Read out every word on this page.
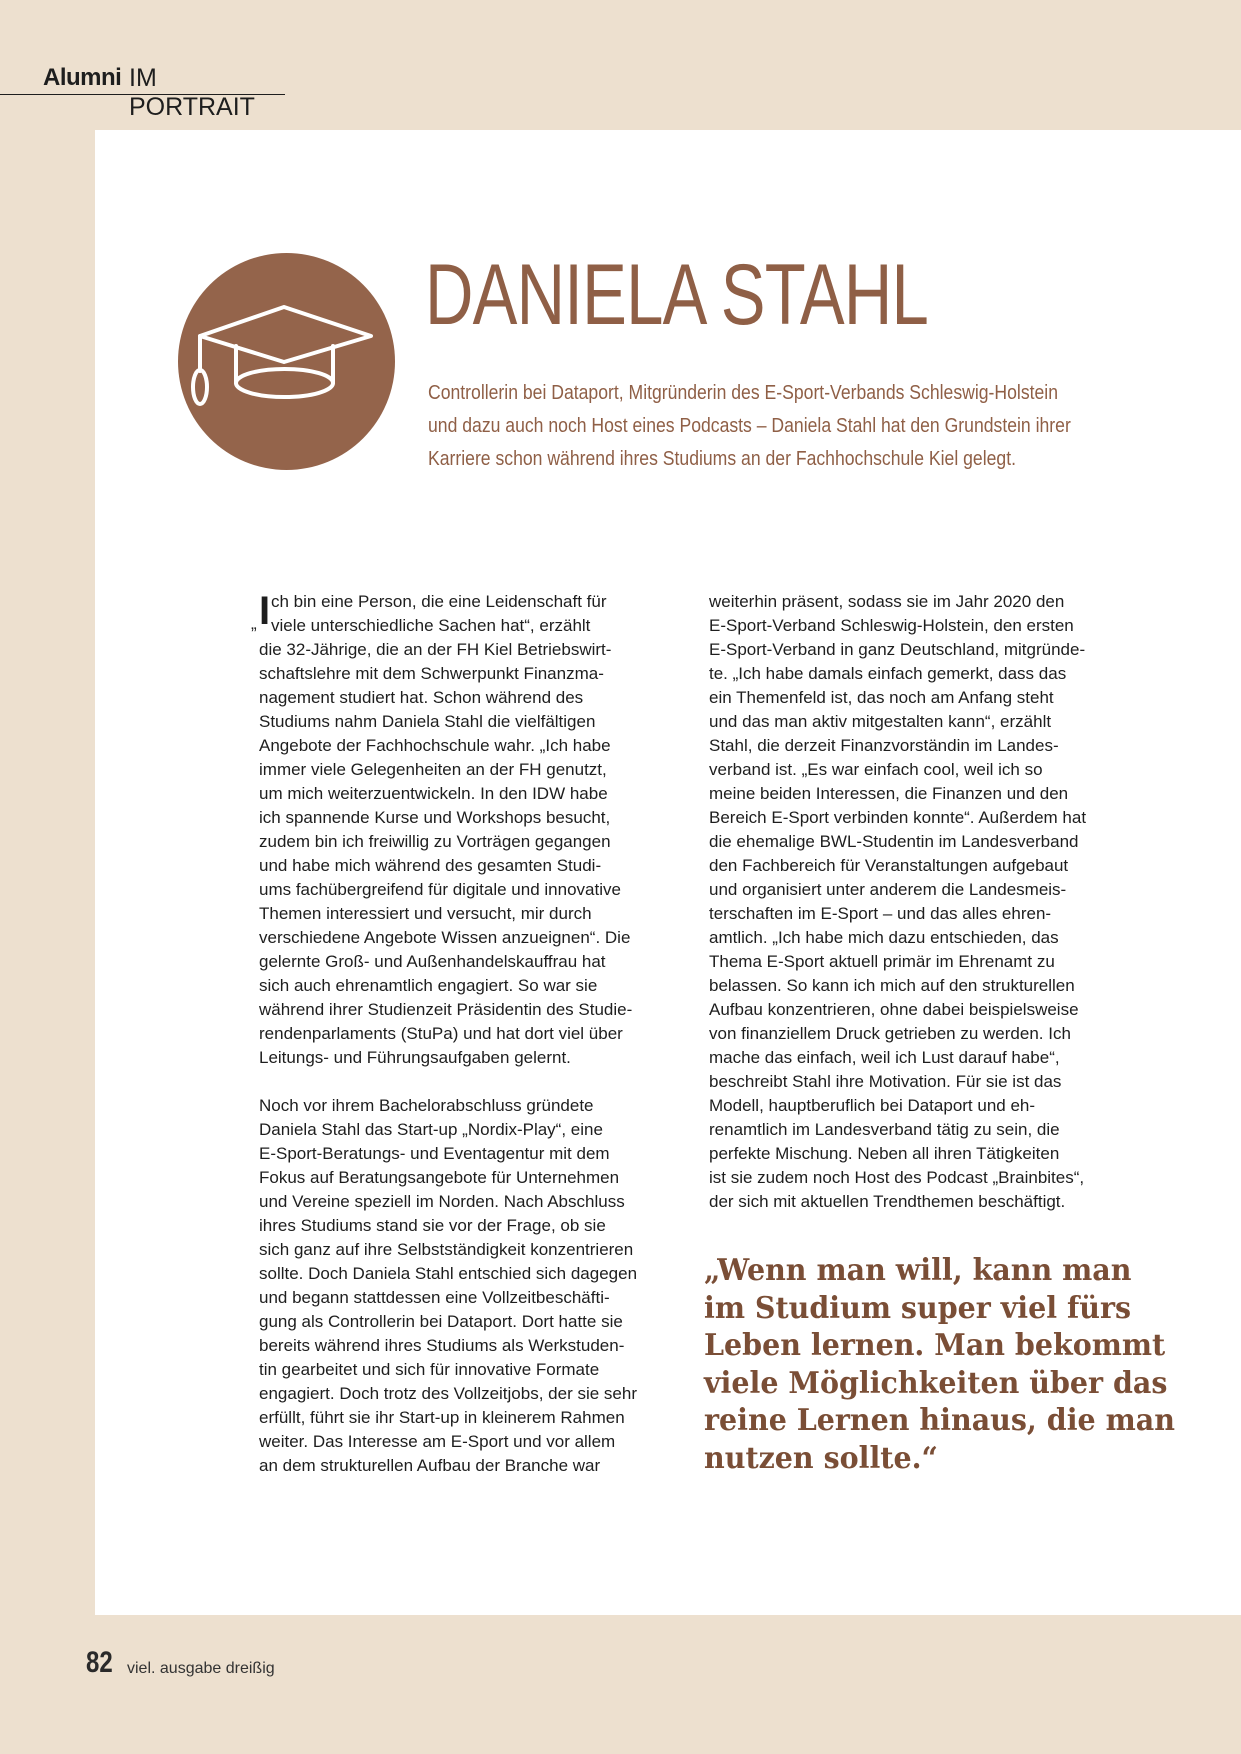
Alumni IM PORTRAIT
DANIELA STAHL
Controllerin bei Dataport, Mitgründerin des E-Sport-Verbands Schleswig-Holstein
und dazu auch noch Host eines Podcasts – Daniela Stahl hat den Grundstein ihrer
Karriere schon während ihres Studiums an der Fachhochschule Kiel gelegt.
I
„
ch bin eine Person, die eine Leidenschaft für
viele unterschiedliche Sachen hat“, erzählt
die 32-Jährige, die an der FH Kiel Betriebswirt-
schaftslehre mit dem Schwerpunkt Finanzma-
nagement studiert hat. Schon während des
Studiums nahm Daniela Stahl die vielfältigen
Angebote der Fachhochschule wahr. „Ich habe
immer viele Gelegenheiten an der FH genutzt,
um mich weiterzuentwickeln. In den IDW habe
ich spannende Kurse und Workshops besucht,
zudem bin ich freiwillig zu Vorträgen gegangen
und habe mich während des gesamten Studi-
ums fachübergreifend für digitale und innovative
Themen interessiert und versucht, mir durch
verschiedene Angebote Wissen anzueignen“. Die
gelernte Groß- und Außenhandelskauffrau hat
sich auch ehrenamtlich engagiert. So war sie
während ihrer Studienzeit Präsidentin des Studie-
rendenparlaments (StuPa) und hat dort viel über
Leitungs- und Führungsaufgaben gelernt.
Noch vor ihrem Bachelorabschluss gründete
Daniela Stahl das Start-up „Nordix-Play“, eine
E-Sport-Beratungs- und Eventagentur mit dem
Fokus auf Beratungsangebote für Unternehmen
und Vereine speziell im Norden. Nach Abschluss
ihres Studiums stand sie vor der Frage, ob sie
sich ganz auf ihre Selbstständigkeit konzentrieren
sollte. Doch Daniela Stahl entschied sich dagegen
und begann stattdessen eine Vollzeitbeschäfti-
gung als Controllerin bei Dataport. Dort hatte sie
bereits während ihres Studiums als Werkstuden-
tin gearbeitet und sich für innovative Formate
engagiert. Doch trotz des Vollzeitjobs, der sie sehr
erfüllt, führt sie ihr Start-up in kleinerem Rahmen
weiter. Das Interesse am E-Sport und vor allem
an dem strukturellen Aufbau der Branche war
weiterhin präsent, sodass sie im Jahr 2020 den
E-Sport-Verband Schleswig-Holstein, den ersten
E-Sport-Verband in ganz Deutschland, mitgründe-
te. „Ich habe damals einfach gemerkt, dass das
ein Themenfeld ist, das noch am Anfang steht
und das man aktiv mitgestalten kann“, erzählt
Stahl, die derzeit Finanzvorständin im Landes-
verband ist. „Es war einfach cool, weil ich so
meine beiden Interessen, die Finanzen und den
Bereich E-Sport verbinden konnte“. Außerdem hat
die ehemalige BWL-Studentin im Landesverband
den Fachbereich für Veranstaltungen aufgebaut
und organisiert unter anderem die Landesmeis-
terschaften im E-Sport – und das alles ehren-
amtlich. „Ich habe mich dazu entschieden, das
Thema E-Sport aktuell primär im Ehrenamt zu
belassen. So kann ich mich auf den strukturellen
Aufbau konzentrieren, ohne dabei beispielsweise
von finanziellem Druck getrieben zu werden. Ich
mache das einfach, weil ich Lust darauf habe“,
beschreibt Stahl ihre Motivation. Für sie ist das
Modell, hauptberuflich bei Dataport und eh-
renamtlich im Landesverband tätig zu sein, die
perfekte Mischung. Neben all ihren Tätigkeiten
ist sie zudem noch Host des Podcast „Brainbites“,
der sich mit aktuellen Trendthemen beschäftigt.
„Wenn man will, kann man
im Studium super viel fürs
Leben lernen. Man bekommt
viele Möglichkeiten über das
reine Lernen hinaus, die man
nutzen sollte.“
82 viel. ausgabe dreißig
